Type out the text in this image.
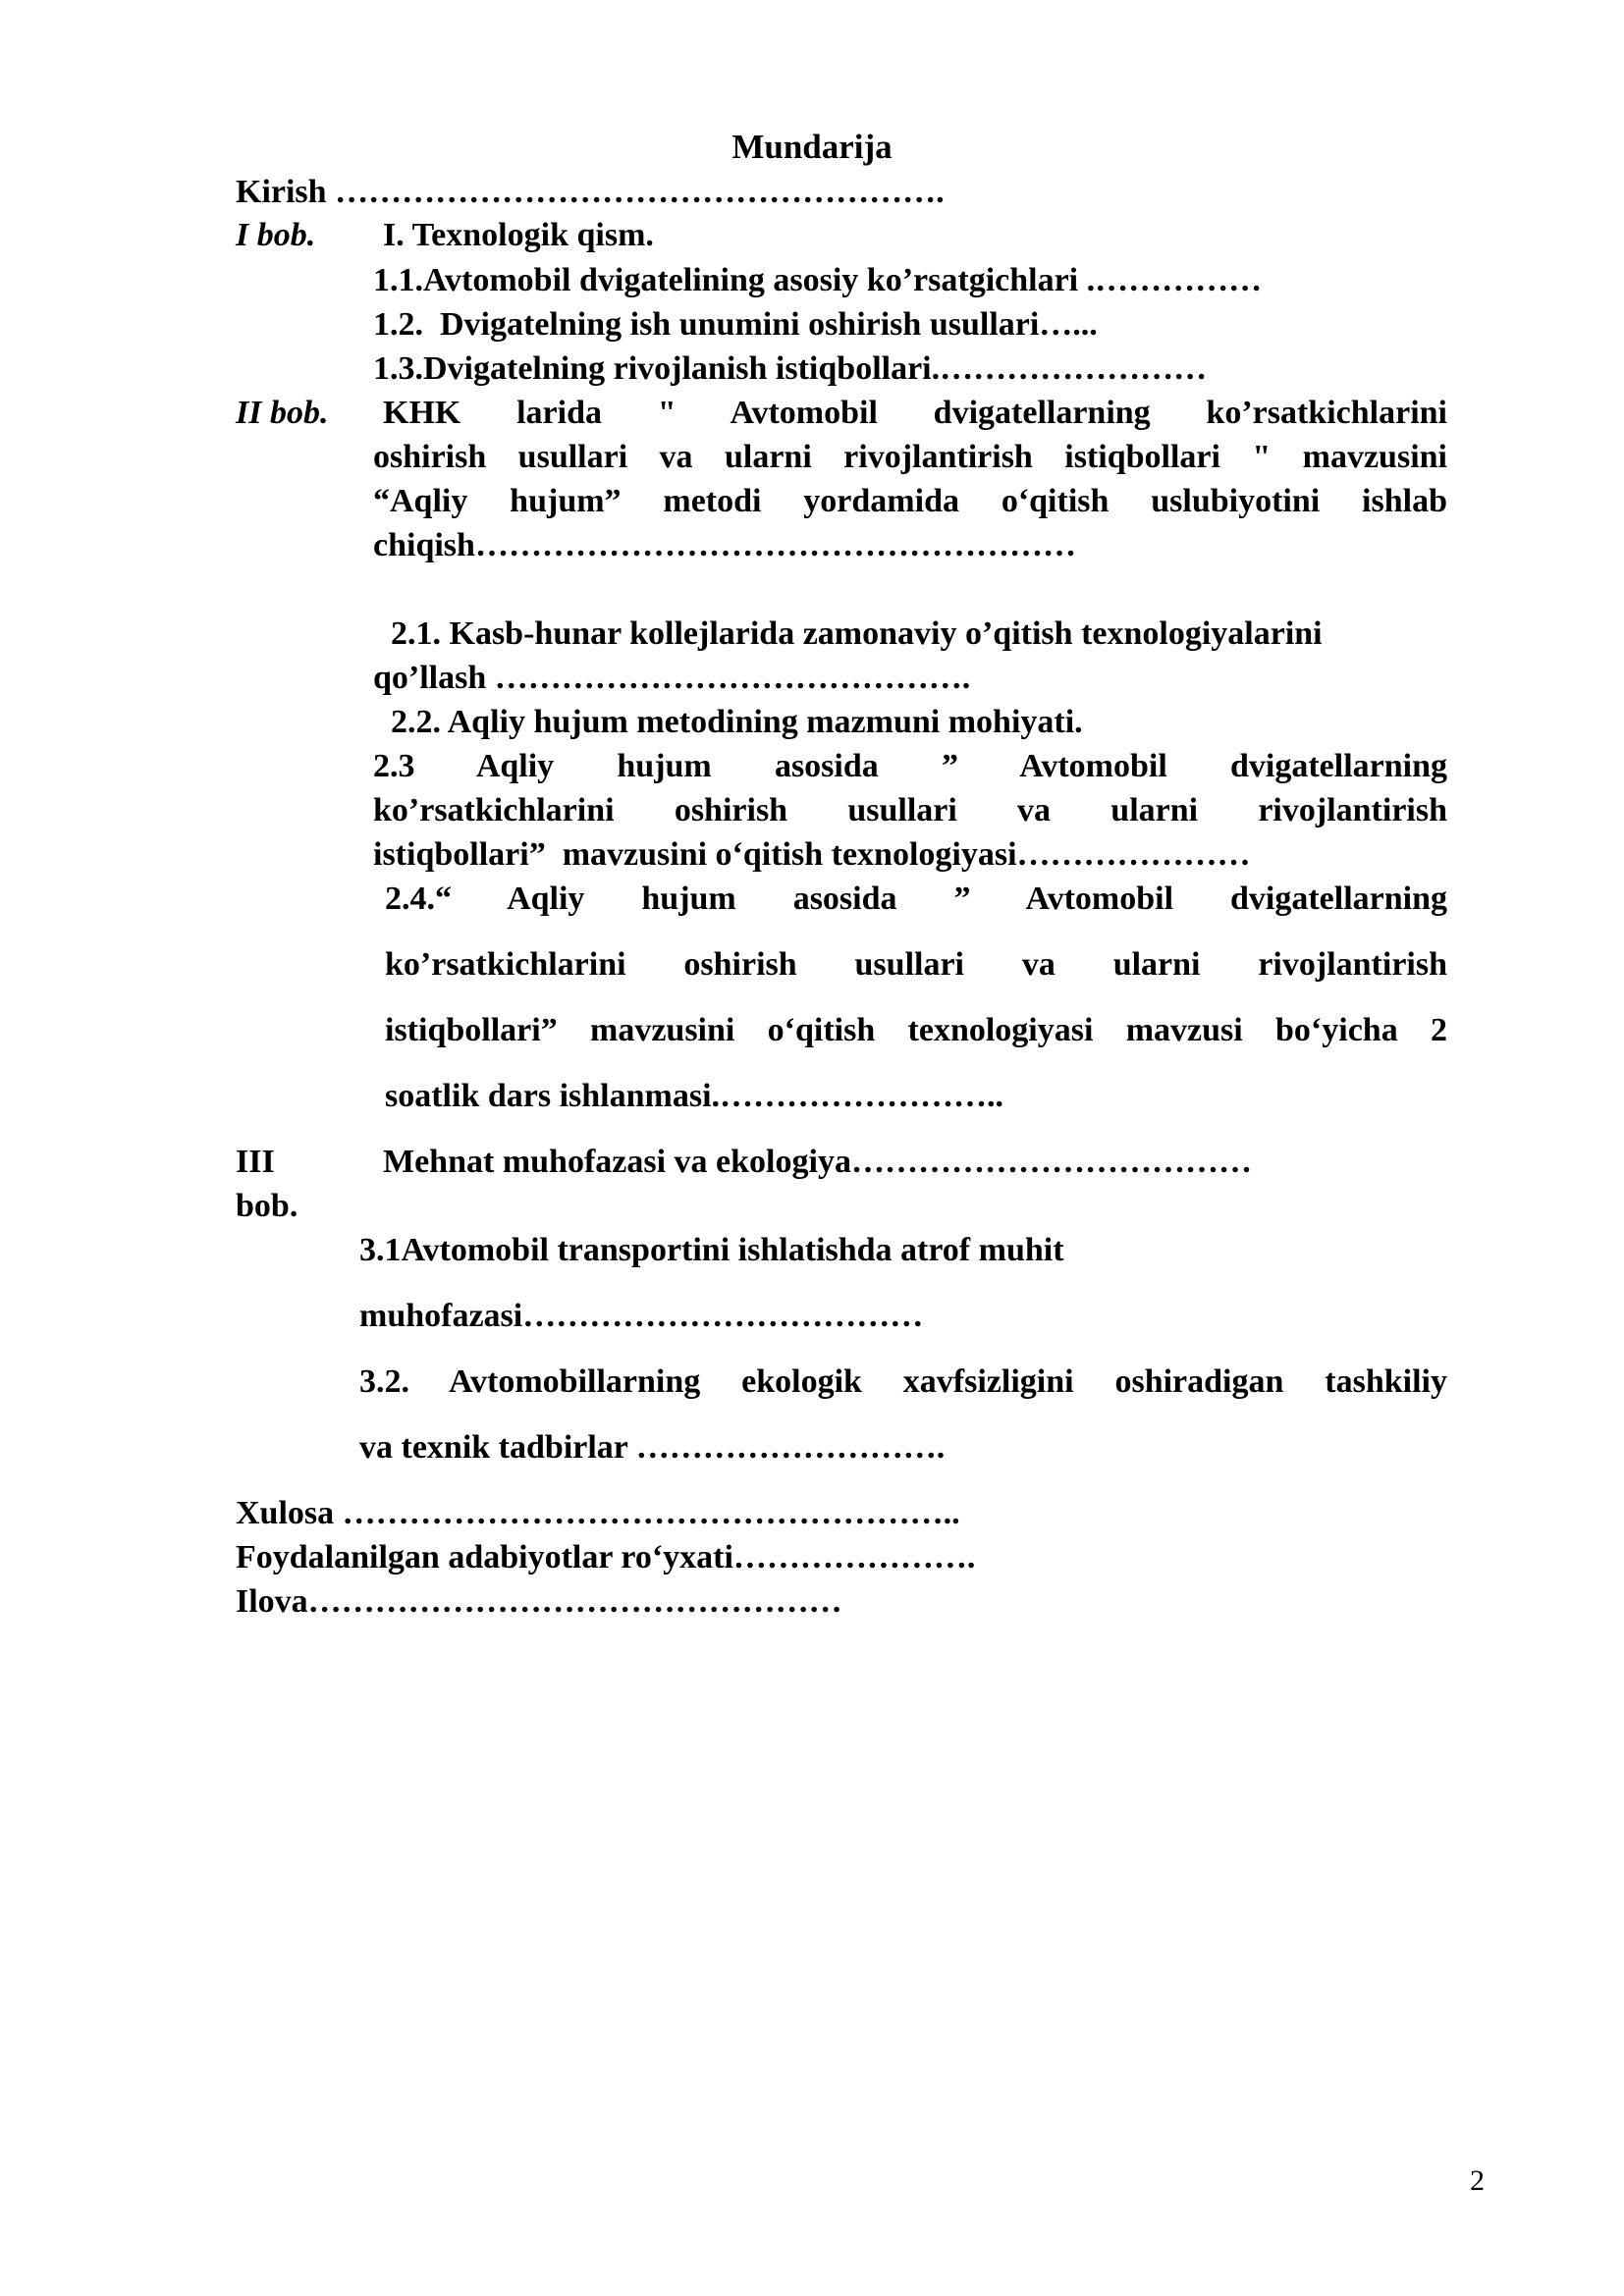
Mundarija
Kirish ……………………………………………….
I bob. I. Texnologik qism.
1.1.Avtomobil dvigatelining asosiy ko’rsatgichlari .……………
1.2.  Dvigatelning ish unumini oshirish usullari…...
1.3.Dvigatelning rivojlanish istiqbollari.……………………
II bob. KHK larida " Avtomobil dvigatellarning ko’rsatkichlarini
oshirish usullari va ularni rivojlantirish istiqbollari " mavzusini
“Aqliy hujum” metodi yordamida o‘qitish uslubiyotini ishlab
chiqish………………………………………………
2.1. Kasb-hunar kollejlarida zamonaviy o’qitish texnologiyalarini
qo’llash …………………………………….
2.2. Aqliy hujum metodining mazmuni mohiyati.
2.3 Aqliy hujum asosida ” Avtomobil dvigatellarning
ko’rsatkichlarini oshirish usullari va ularni rivojlantirish
istiqbollari”  mavzusini o‘qitish texnologiyasi…………………
2.4.“ Aqliy hujum asosida ” Avtomobil dvigatellarning
ko’rsatkichlarini oshirish usullari va ularni rivojlantirish
istiqbollari” mavzusini o‘qitish texnologiyasi mavzusi bo‘yicha 2
soatlik dars ishlanmasi.……………………..
III
bob.
Mehnat muhofazasi va ekologiya………………………………
3.1Avtomobil transportini ishlatishda atrof muhit
muhofazasi………………………………
3.2. Avtomobillarning ekologik xavfsizligini oshiradigan tashkiliy
va texnik tadbirlar ……………………….
Xulosa ………………………………………………..
Foydalanilgan adabiyotlar ro‘yxati………………….
Ilova…………………………………………
2
